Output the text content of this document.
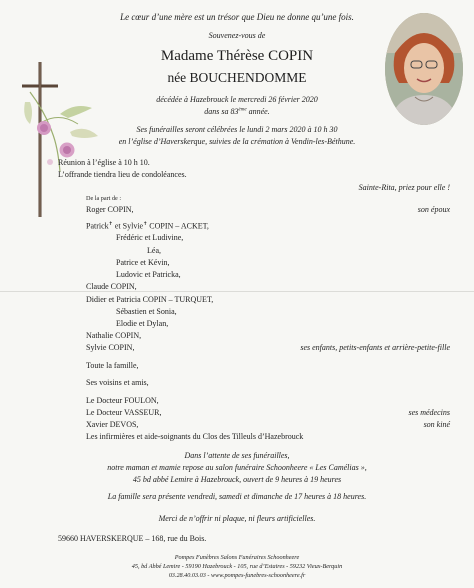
Le cœur d’une mère est un trésor que Dieu ne donne qu’une fois.
Souvenez-vous de
Madame Thérèse COPIN
née BOUCHENDOMME
décédée à Hazebrouck le mercredi 26 février 2020
dans sa 83ème année.
Ses funérailles seront célébrées le lundi 2 mars 2020 à 10 h 30
en l’église d’Haverskerque, suivies de la crémation à Vendin-les-Béthune.
Réunion à l’église à 10 h 10.
L’offrande tiendra lieu de condoléances.
Sainte-Rita, priez pour elle !
De la part de :
Roger COPIN,	son époux
Patrick✝ et Sylvie✝ COPIN – ACKET,
Frédéric et Ludivine,
Léa,
Patrice et Kévin,
Ludovic et Patricka,
Claude COPIN,
Didier et Patricia COPIN – TURQUET,
Sébastien et Sonia,
Elodie et Dylan,
Nathalie COPIN,
Sylvie COPIN,	ses enfants, petits-enfants et arrière-petite-fille
Toute la famille,
Ses voisins et amis,
Le Docteur FOULON,
Le Docteur VASSEUR,	ses médecins
Xavier DEVOS,	son kiné
Les infirmières et aide-soignants du Clos des Tilleuls d’Hazebrouck
Dans l’attente de ses funérailles,
notre maman et mamie repose au salon funéraire Schoonheere « Les Camélias »,
45 bd abbé Lemire à Hazebrouck, ouvert de 9 heures à 19 heures
La famille sera présente vendredi, samedi et dimanche de 17 heures à 18 heures.
Merci de n’offrir ni plaque, ni fleurs artificielles.
59660 HAVERSKERQUE – 168, rue du Bois.
Pompes Funèbres Salons Funéraires Schoonheere
45, bd Abbé Lemire - 59190 Hazebrouck - 105, rue d’Estaires - 59232 Vieux-Berquin
03.28.40.03.03 - www.pompes-funebres-schoonheere.fr
